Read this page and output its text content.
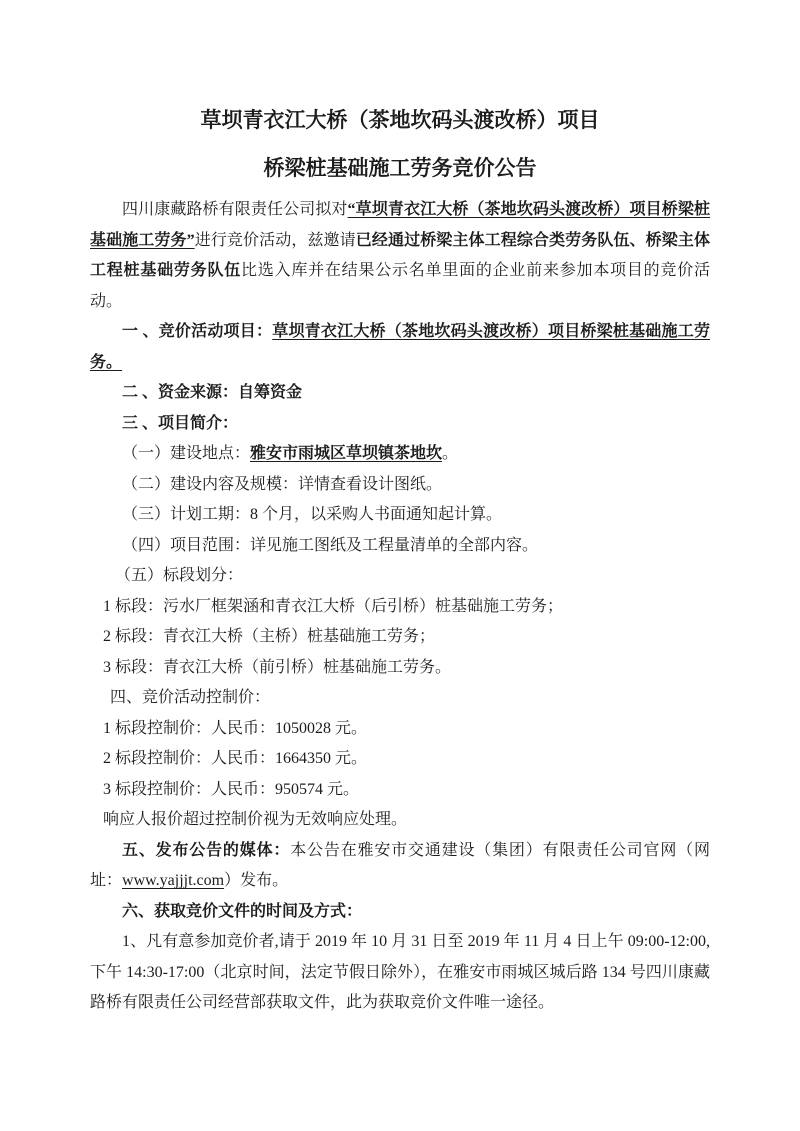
草坝青衣江大桥（茶地坎码头渡改桥）项目
桥梁桩基础施工劳务竞价公告

四川康藏路桥有限责任公司拟对“草坝青衣江大桥（茶地坎码头渡改桥）项目桥梁桩基础施工劳务”进行竞价活动，兹邀请已经通过桥梁主体工程综合类劳务队伍、桥梁主体工程桩基础劳务队伍比选入库并在结果公示名单里面的企业前来参加本项目的竞价活动。

一 、竞价活动项目：草坝青衣江大桥（茶地坎码头渡改桥）项目桥梁桩基础施工劳务。

二 、资金来源：自筹资金

三 、项目简介：

（一）建设地点：雅安市雨城区草坝镇茶地坎。

（二）建设内容及规模：详情查看设计图纸。

（三）计划工期：8 个月，以采购人书面通知起计算。

（四）项目范围：详见施工图纸及工程量清单的全部内容。

（五）标段划分：

1 标段：污水厂框架涵和青衣江大桥（后引桥）桩基础施工劳务；

2 标段：青衣江大桥（主桥）桩基础施工劳务；

3 标段：青衣江大桥（前引桥）桩基础施工劳务。

四、竞价活动控制价：

1 标段控制价：人民币：1050028 元。

2 标段控制价：人民币：1664350 元。

3 标段控制价：人民币：950574 元。

响应人报价超过控制价视为无效响应处理。

五、发布公告的媒体：本公告在雅安市交通建设（集团）有限责任公司官网（网址：www.yajjjt.com）发布。

六、获取竞价文件的时间及方式：

1、凡有意参加竞价者,请于 2019 年 10 月 31 日至 2019 年 11 月 4 日上午 09:00-12:00,下午 14:30-17:00（北京时间，法定节假日除外），在雅安市雨城区城后路 134 号四川康藏路桥有限责任公司经营部获取文件，此为获取竞价文件唯一途径。
